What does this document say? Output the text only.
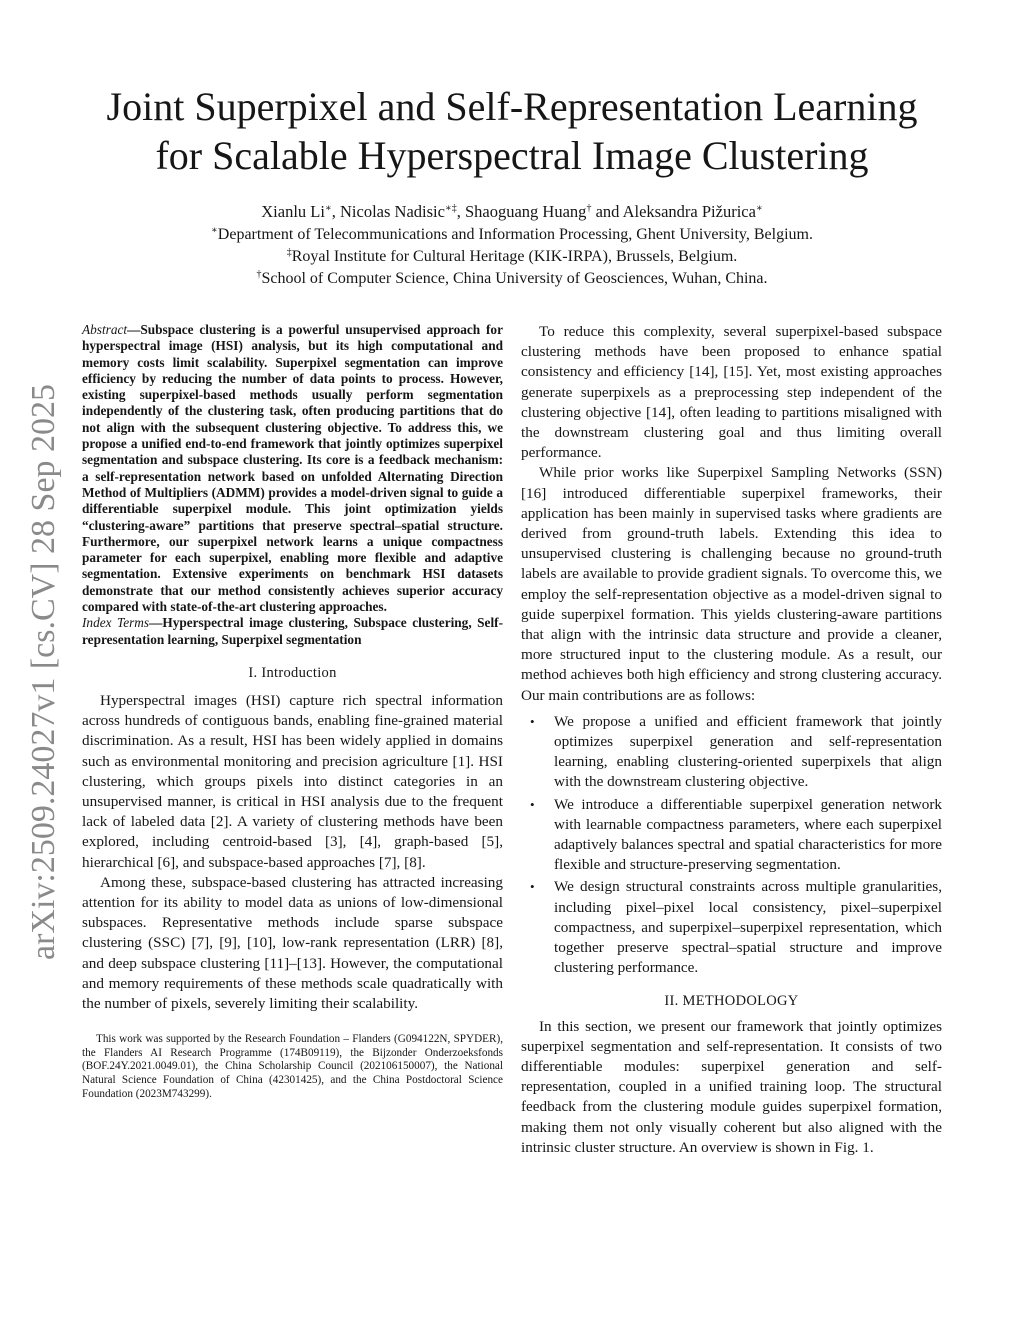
arXiv:2509.24027v1 [cs.CV] 28 Sep 2025
Joint Superpixel and Self-Representation Learning
for Scalable Hyperspectral Image Clustering

Xianlu Li∗, Nicolas Nadisic∗‡, Shaoguang Huang† and Aleksandra Pižurica∗

∗Department of Telecommunications and Information Processing, Ghent University, Belgium.

‡Royal Institute for Cultural Heritage (KIK-IRPA), Brussels, Belgium.

†School of Computer Science, China University of Geosciences, Wuhan, China.

Abstract—Subspace clustering is a powerful unsupervised approach for hyperspectral image (HSI) analysis, but its high computational and memory costs limit scalability. Superpixel segmentation can improve efficiency by reducing the number of data points to process. However, existing superpixel-based methods usually perform segmentation independently of the clustering task, often producing partitions that do not align with the subsequent clustering objective. To address this, we propose a unified end-to-end framework that jointly optimizes superpixel segmentation and subspace clustering. Its core is a feedback mechanism: a self-representation network based on unfolded Alternating Direction Method of Multipliers (ADMM) provides a model-driven signal to guide a differentiable superpixel module. This joint optimization yields “clustering-aware” partitions that preserve spectral–spatial structure. Furthermore, our superpixel network learns a unique compactness parameter for each superpixel, enabling more flexible and adaptive segmentation. Extensive experiments on benchmark HSI datasets demonstrate that our method consistently achieves superior accuracy compared with state-of-the-art clustering approaches.

Index Terms—Hyperspectral image clustering, Subspace clustering, Self-representation learning, Superpixel segmentation

I. Introduction

Hyperspectral images (HSI) capture rich spectral information across hundreds of contiguous bands, enabling fine-grained material discrimination. As a result, HSI has been widely applied in domains such as environmental monitoring and precision agriculture [1]. HSI clustering, which groups pixels into distinct categories in an unsupervised manner, is critical in HSI analysis due to the frequent lack of labeled data [2]. A variety of clustering methods have been explored, including centroid-based [3], [4], graph-based [5], hierarchical [6], and subspace-based approaches [7], [8].

Among these, subspace-based clustering has attracted increasing attention for its ability to model data as unions of low-dimensional subspaces. Representative methods include sparse subspace clustering (SSC) [7], [9], [10], low-rank representation (LRR) [8], and deep subspace clustering [11]–[13]. However, the computational and memory requirements of these methods scale quadratically with the number of pixels, severely limiting their scalability.

This work was supported by the Research Foundation – Flanders (G094122N, SPYDER), the Flanders AI Research Programme (174B09119), the Bijzonder Onderzoeksfonds (BOF.24Y.2021.0049.01), the China Scholarship Council (202106150007), the National Natural Science Foundation of China (42301425), and the China Postdoctoral Science Foundation (2023M743299).

To reduce this complexity, several superpixel-based subspace clustering methods have been proposed to enhance spatial consistency and efficiency [14], [15]. Yet, most existing approaches generate superpixels as a preprocessing step independent of the clustering objective [14], often leading to partitions misaligned with the downstream clustering goal and thus limiting overall performance.

While prior works like Superpixel Sampling Networks (SSN) [16] introduced differentiable superpixel frameworks, their application has been mainly in supervised tasks where gradients are derived from ground-truth labels. Extending this idea to unsupervised clustering is challenging because no ground-truth labels are available to provide gradient signals. To overcome this, we employ the self-representation objective as a model-driven signal to guide superpixel formation. This yields clustering-aware partitions that align with the intrinsic data structure and provide a cleaner, more structured input to the clustering module. As a result, our method achieves both high efficiency and strong clustering accuracy. Our main contributions are as follows:

• We propose a unified and efficient framework that jointly optimizes superpixel generation and self-representation learning, enabling clustering-oriented superpixels that align with the downstream clustering objective.
• We introduce a differentiable superpixel generation network with learnable compactness parameters, where each superpixel adaptively balances spectral and spatial characteristics for more flexible and structure-preserving segmentation.
• We design structural constraints across multiple granularities, including pixel–pixel local consistency, pixel–superpixel compactness, and superpixel–superpixel representation, which together preserve spectral–spatial structure and improve clustering performance.
II. METHODOLOGY

In this section, we present our framework that jointly optimizes superpixel segmentation and self-representation. It consists of two differentiable modules: superpixel generation and self-representation, coupled in a unified training loop. The structural feedback from the clustering module guides superpixel formation, making them not only visually coherent but also aligned with the intrinsic cluster structure. An overview is shown in Fig. 1.
